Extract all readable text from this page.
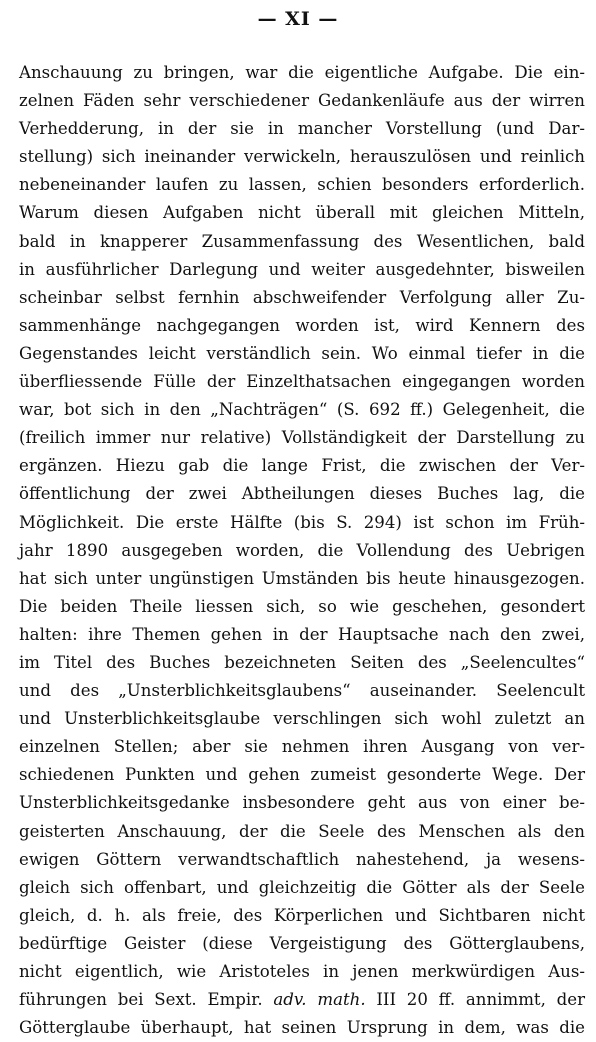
— XI —
Anschauung zu bringen, war die eigentliche Aufgabe. Die ein-
zelnen Fäden sehr verschiedener Gedankenläufe aus der wirren
Verhedderung, in der sie in mancher Vorstellung (und Dar-
stellung) sich ineinander verwickeln, herauszulösen und reinlich
nebeneinander laufen zu lassen, schien besonders erforderlich.
Warum diesen Aufgaben nicht überall mit gleichen Mitteln,
bald in knapperer Zusammenfassung des Wesentlichen, bald
in ausführlicher Darlegung und weiter ausgedehnter, bisweilen
scheinbar selbst fernhin abschweifender Verfolgung aller Zu-
sammenhänge nachgegangen worden ist, wird Kennern des
Gegenstandes leicht verständlich sein. Wo einmal tiefer in die
überfliessende Fülle der Einzelthatsachen eingegangen worden
war, bot sich in den „Nachträgen“ (S. 692 ff.) Gelegenheit, die
(freilich immer nur relative) Vollständigkeit der Darstellung zu
ergänzen. Hiezu gab die lange Frist, die zwischen der Ver-
öffentlichung der zwei Abtheilungen dieses Buches lag, die
Möglichkeit. Die erste Hälfte (bis S. 294) ist schon im Früh-
jahr 1890 ausgegeben worden, die Vollendung des Uebrigen
hat sich unter ungünstigen Umständen bis heute hinausgezogen.
Die beiden Theile liessen sich, so wie geschehen, gesondert
halten: ihre Themen gehen in der Hauptsache nach den zwei,
im Titel des Buches bezeichneten Seiten des „Seelencultes“
und des „Unsterblichkeitsglaubens“ auseinander. Seelencult
und Unsterblichkeitsglaube verschlingen sich wohl zuletzt an
einzelnen Stellen; aber sie nehmen ihren Ausgang von ver-
schiedenen Punkten und gehen zumeist gesonderte Wege. Der
Unsterblichkeitsgedanke insbesondere geht aus von einer be-
geisterten Anschauung, der die Seele des Menschen als den
ewigen Göttern verwandtschaftlich nahestehend, ja wesens-
gleich sich offenbart, und gleichzeitig die Götter als der Seele
gleich, d. h. als freie, des Körperlichen und Sichtbaren nicht
bedürftige Geister (diese Vergeistigung des Götterglaubens,
nicht eigentlich, wie Aristoteles in jenen merkwürdigen Aus-
führungen bei Sext. Empir. adv. math. III 20 ff. annimmt, der
Götterglaube überhaupt, hat seinen Ursprung in dem, was die
